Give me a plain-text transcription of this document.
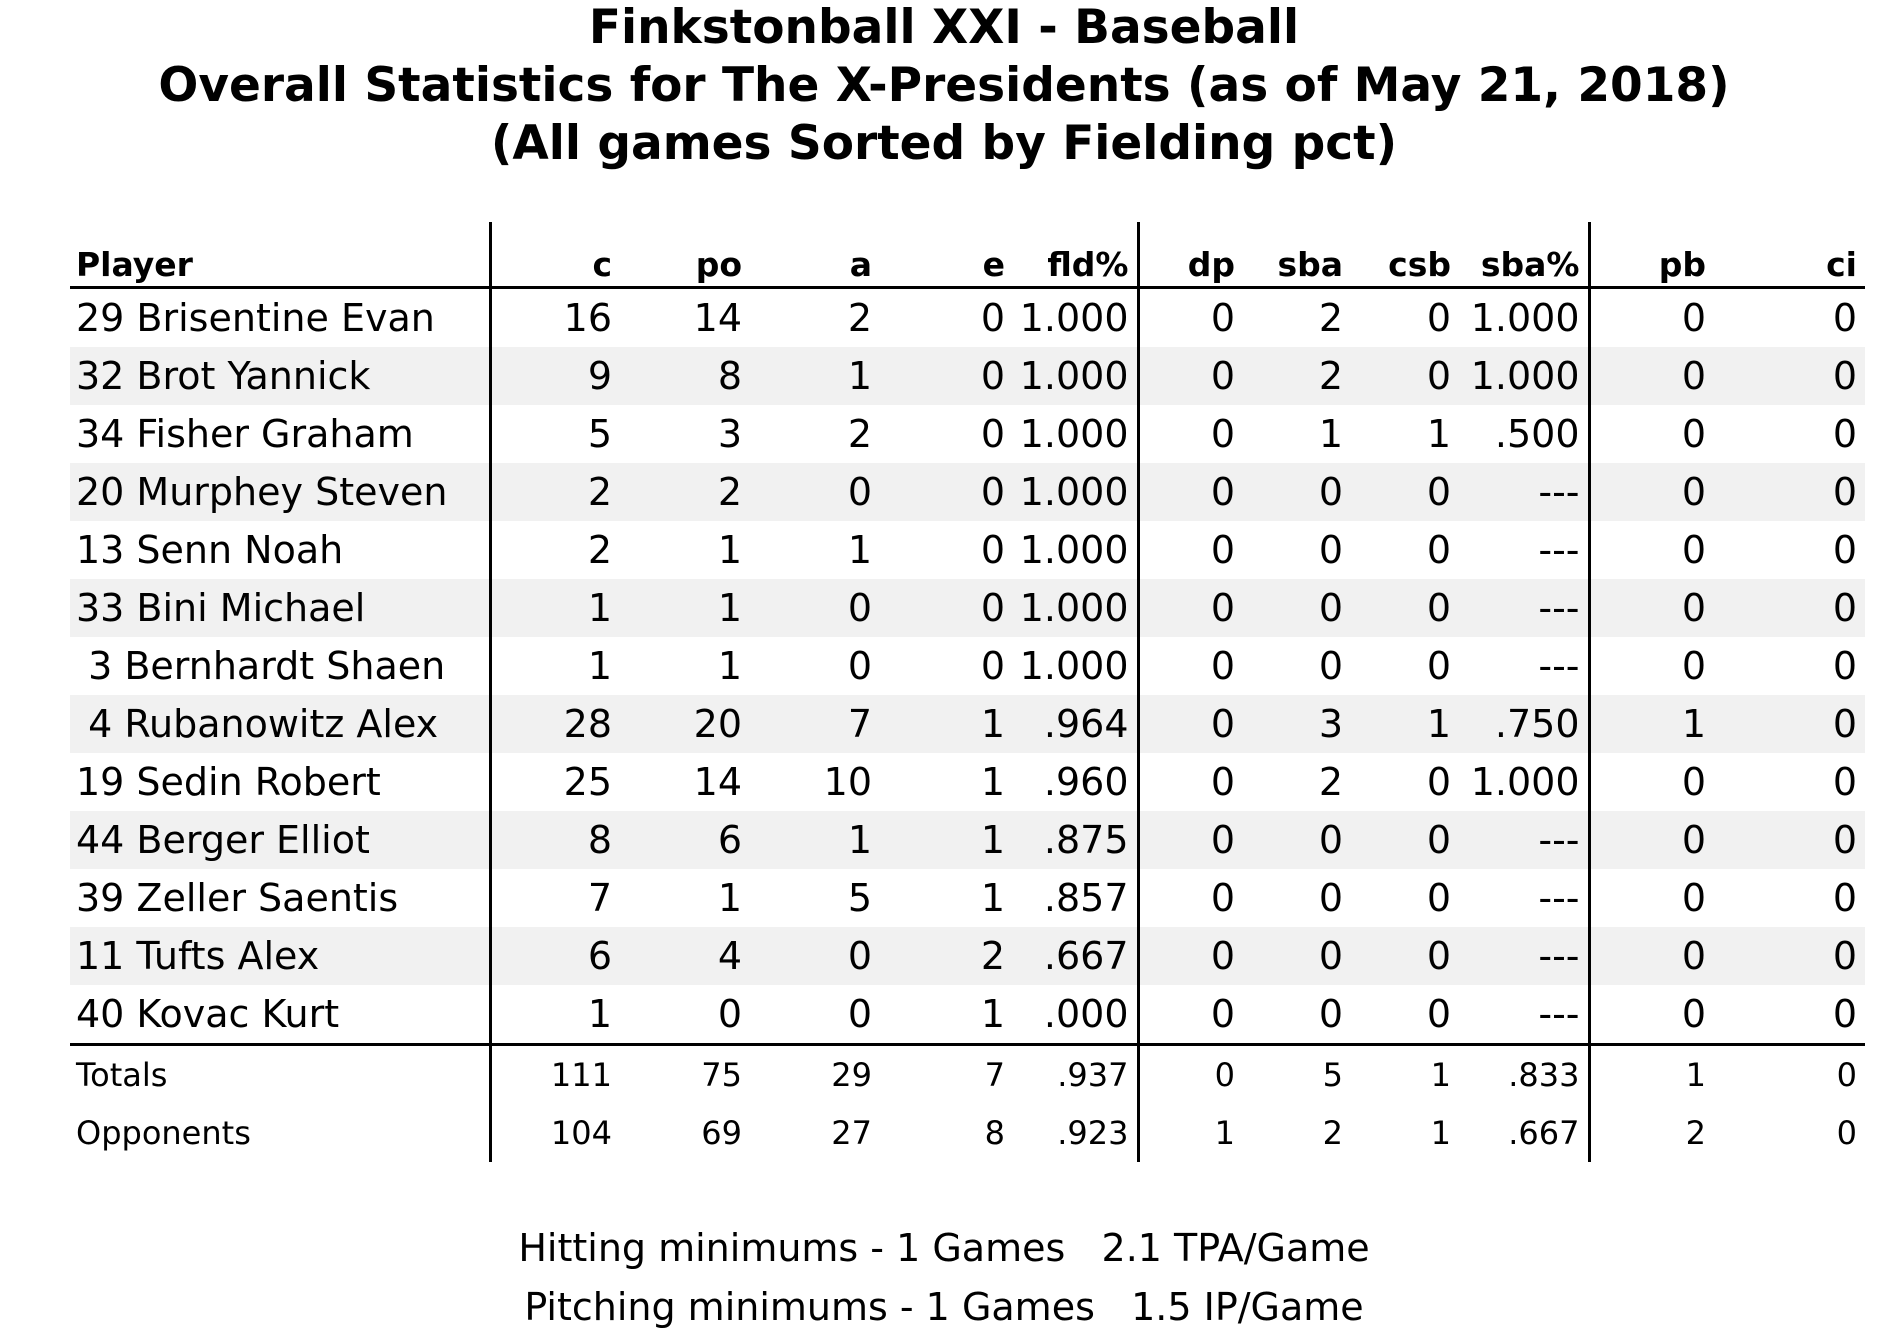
Finkstonball XXI - Baseball
Overall Statistics for The X-Presidents (as of May 21, 2018)
(All games Sorted by Fielding pct)
Player	c	po	a	e	fld%	dp	sba	csb	sba%	pb	ci
29 Brisentine Evan	16	14	2	0	1.000	0	2	0	1.000	0	0
32 Brot Yannick	9	8	1	0	1.000	0	2	0	1.000	0	0
34 Fisher Graham	5	3	2	0	1.000	0	1	1	.500	0	0
20 Murphey Steven	2	2	0	0	1.000	0	0	0	---	0	0
13 Senn Noah	2	1	1	0	1.000	0	0	0	---	0	0
33 Bini Michael	1	1	0	0	1.000	0	0	0	---	0	0
3 Bernhardt Shaen	1	1	0	0	1.000	0	0	0	---	0	0
4 Rubanowitz Alex	28	20	7	1	.964	0	3	1	.750	1	0
19 Sedin Robert	25	14	10	1	.960	0	2	0	1.000	0	0
44 Berger Elliot	8	6	1	1	.875	0	0	0	---	0	0
39 Zeller Saentis	7	1	5	1	.857	0	0	0	---	0	0
11 Tufts Alex	6	4	0	2	.667	0	0	0	---	0	0
40 Kovac Kurt	1	0	0	1	.000	0	0	0	---	0	0
Totals	111	75	29	7	.937	0	5	1	.833	1	0
Opponents	104	69	27	8	.923	1	2	1	.667	2	0
Hitting minimums - 1 Games   2.1 TPA/Game
Pitching minimums - 1 Games   1.5 IP/Game
